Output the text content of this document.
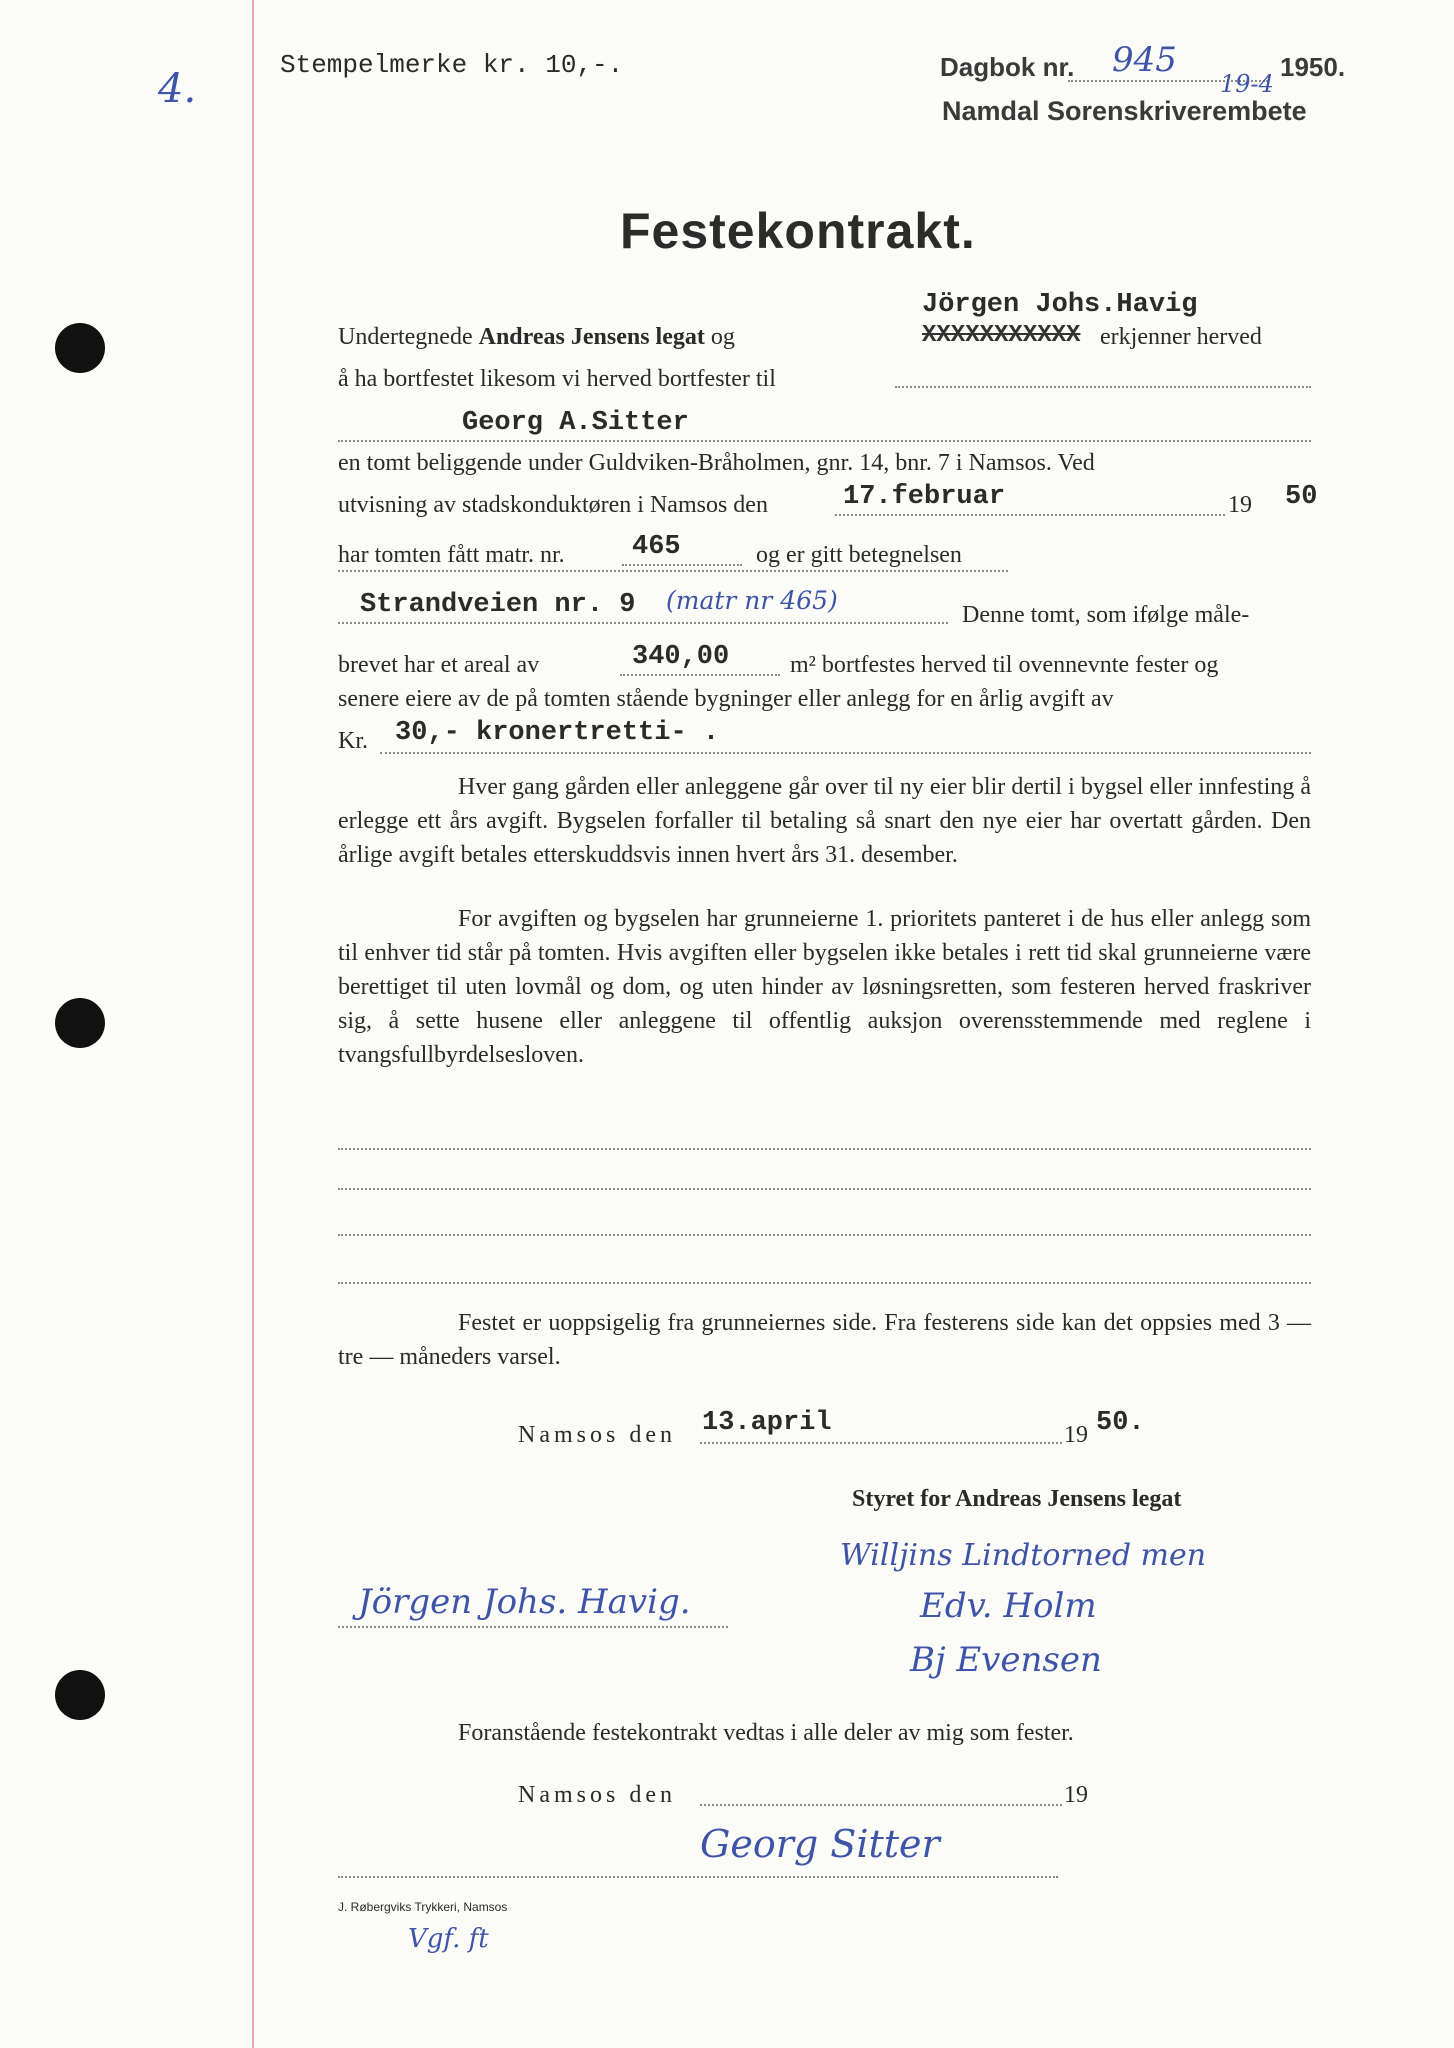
4.
Stempelmerke kr. 10,-.	Dagbok nr. 945	1950.
19-4
Namdal Sorenskriverembete
Festekontrakt.
Jörgen Johs.Havig
Undertegnede Andreas Jensens legat og	XXXXXXXXXXX erkjenner herved
å ha bortfestet likesom vi herved bortfester til
Georg A.Sitter
en tomt beliggende under Guldviken-Bråholmen, gnr. 14, bnr. 7 i Namsos. Ved
utvisning av stadskonduktøren i Namsos den	17.februar	19 50
har tomten fått matr. nr. 465	og er gitt betegnelsen
Strandveien nr. 9 (matr nr 465)	Denne tomt, som ifølge måle-
brevet har et areal av	340,00	m² bortfestes herved til ovennevnte fester og
senere eiere av de på tomten stående bygninger eller anlegg for en årlig avgift av
Kr. 30,- kronertretti- .
Hver gang gården eller anleggene går over til ny eier blir dertil i bygsel eller innfesting å erlegge ett års avgift. Bygselen forfaller til betaling så snart den nye eier har overtatt gården. Den årlige avgift betales etterskuddsvis innen hvert års 31. desember.
For avgiften og bygselen har grunneierne 1. prioritets panteret i de hus eller anlegg som til enhver tid står på tomten. Hvis avgiften eller bygselen ikke betales i rett tid skal grunneierne være berettiget til uten lovmål og dom, og uten hinder av løsningsretten, som festeren herved fraskriver sig, å sette husene eller anleggene til offentlig auksjon overensstemmende med reglene i tvangsfullbyrdelsesloven.
Festet er uoppsigelig fra grunneiernes side. Fra festerens side kan det oppsies med 3 — tre — måneders varsel.
Namsos den 13.april	19 50.
Styret for Andreas Jensens legat
Jörgen Johs. Havig.
Willjins Lindtorned men
Edv. Holm
Bj Evensen
Foranstående festekontrakt vedtas i alle deler av mig som fester.
Namsos den	19
Georg Sitter
J. Røbergviks Trykkeri, Namsos
Vgf. ft
